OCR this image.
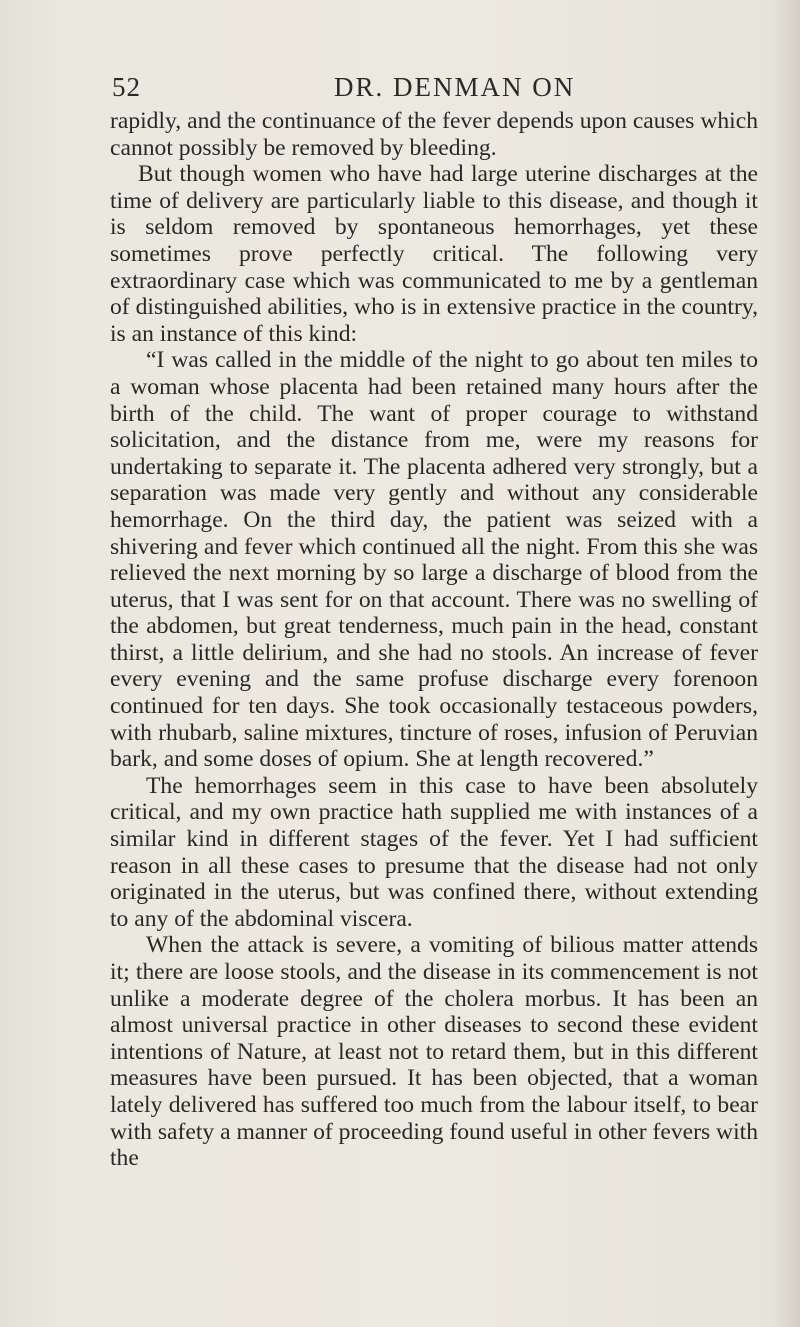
52	DR. DENMAN ON

rapidly, and the continuance of the fever depends upon causes which cannot possibly be removed by bleeding.

But though women who have had large uterine discharges at the time of delivery are particularly liable to this disease, and though it is seldom removed by spontaneous hemorrhages, yet these sometimes prove perfectly critical. The following very extraordinary case which was communicated to me by a gentleman of distinguished abilities, who is in extensive practice in the country, is an instance of this kind:

“I was called in the middle of the night to go about ten miles to a woman whose placenta had been retained many hours after the birth of the child. The want of proper courage to withstand solicitation, and the distance from me, were my reasons for undertaking to separate it. The placenta adhered very strongly, but a separation was made very gently and without any considerable hemorrhage. On the third day, the patient was seized with a shivering and fever which continued all the night. From this she was relieved the next morning by so large a discharge of blood from the uterus, that I was sent for on that account. There was no swelling of the abdomen, but great tenderness, much pain in the head, constant thirst, a little delirium, and she had no stools. An increase of fever every evening and the same profuse discharge every forenoon continued for ten days. She took occasionally testaceous powders, with rhubarb, saline mixtures, tincture of roses, infusion of Peruvian bark, and some doses of opium. She at length recovered.”

The hemorrhages seem in this case to have been absolutely critical, and my own practice hath supplied me with instances of a similar kind in different stages of the fever. Yet I had sufficient reason in all these cases to presume that the disease had not only originated in the uterus, but was confined there, without extending to any of the abdominal viscera.

When the attack is severe, a vomiting of bilious matter attends it; there are loose stools, and the disease in its commencement is not unlike a moderate degree of the cholera morbus. It has been an almost universal practice in other diseases to second these evident intentions of Nature, at least not to retard them, but in this different measures have been pursued. It has been objected, that a woman lately delivered has suffered too much from the labour itself, to bear with safety a manner of proceeding found useful in other fevers with the
